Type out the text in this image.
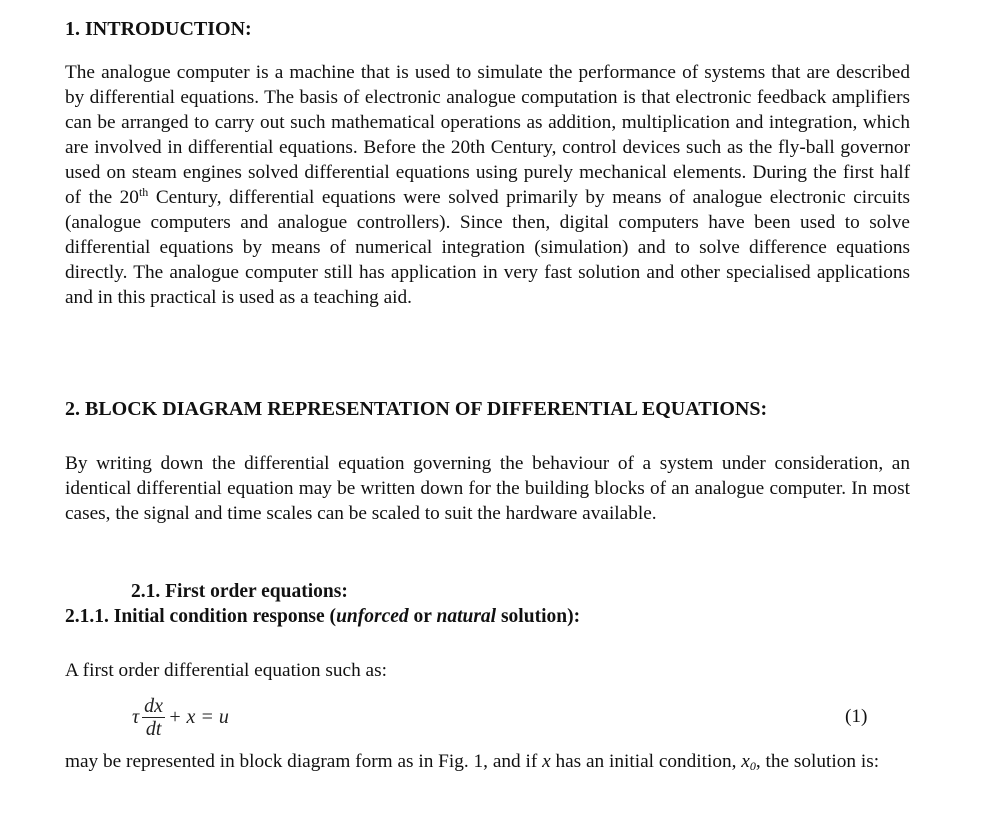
1. INTRODUCTION:

The analogue computer is a machine that is used to simulate the performance of systems that are described by differential equations. The basis of electronic analogue computation is that electronic feedback amplifiers can be arranged to carry out such mathematical operations as addition, multiplication and integration, which are involved in differential equations. Before the 20th Century, control devices such as the fly-ball governor used on steam engines solved differential equations using purely mechanical elements. During the first half of the 20th Century, differential equations were solved primarily by means of analogue electronic circuits (analogue computers and analogue controllers). Since then, digital computers have been used to solve differential equations by means of numerical integration (simulation) and to solve difference equations directly. The analogue computer still has application in very fast solution and other specialised applications and in this practical is used as a teaching aid.

2. BLOCK DIAGRAM REPRESENTATION OF DIFFERENTIAL EQUATIONS:

By writing down the differential equation governing the behaviour of a system under consideration, an identical differential equation may be written down for the building blocks of an analogue computer. In most cases, the signal and time scales can be scaled to suit the hardware available.

2.1. First order equations:
2.1.1. Initial condition response (unforced or natural solution):

A first order differential equation such as:

τ $\frac{dx}{dt} + x = u$	(1)

may be represented in block diagram form as in Fig. 1, and if x has an initial condition, $x_0$, the solution is:
